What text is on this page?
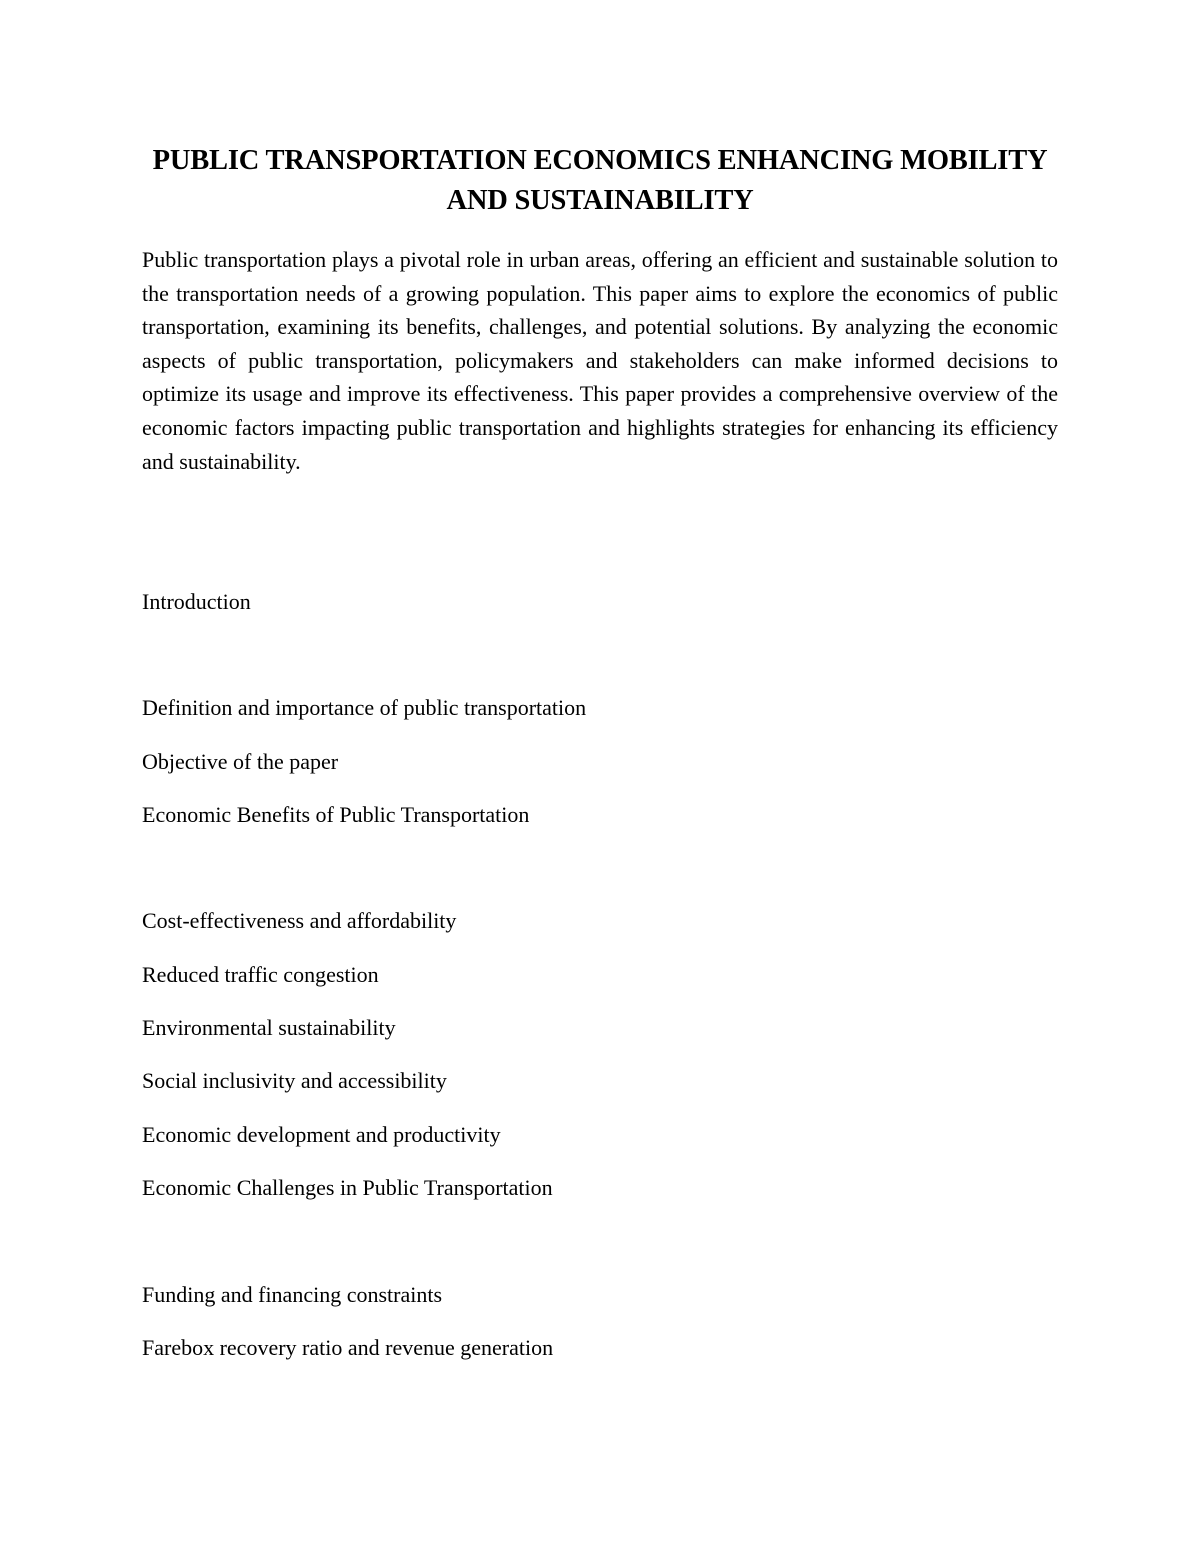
PUBLIC TRANSPORTATION ECONOMICS ENHANCING MOBILITY AND SUSTAINABILITY

Public transportation plays a pivotal role in urban areas, offering an efficient and sustainable solution to the transportation needs of a growing population. This paper aims to explore the economics of public transportation, examining its benefits, challenges, and potential solutions. By analyzing the economic aspects of public transportation, policymakers and stakeholders can make informed decisions to optimize its usage and improve its effectiveness. This paper provides a comprehensive overview of the economic factors impacting public transportation and highlights strategies for enhancing its efficiency and sustainability.

Introduction

Definition and importance of public transportation

Objective of the paper

Economic Benefits of Public Transportation

Cost-effectiveness and affordability

Reduced traffic congestion

Environmental sustainability

Social inclusivity and accessibility

Economic development and productivity

Economic Challenges in Public Transportation

Funding and financing constraints

Farebox recovery ratio and revenue generation
